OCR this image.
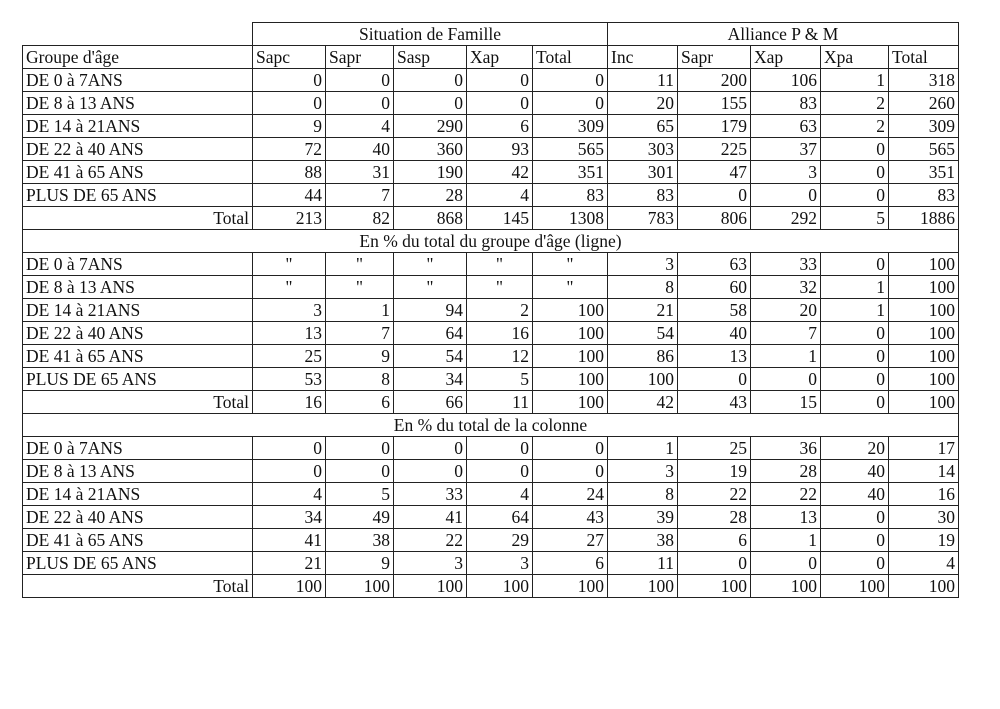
	Situation de Famille					Alliance P & M				
Groupe d'âge	Sapc	Sapr	Sasp	Xap	Total	Inc	Sapr	Xap	Xpa	Total
DE 0 à 7ANS	0	0	0	0	0	11	200	106	1	318
DE 8 à 13 ANS	0	0	0	0	0	20	155	83	2	260
DE 14 à 21ANS	9	4	290	6	309	65	179	63	2	309
DE 22 à 40 ANS	72	40	360	93	565	303	225	37	0	565
DE 41 à 65 ANS	88	31	190	42	351	301	47	3	0	351
PLUS DE 65 ANS	44	7	28	4	83	83	0	0	0	83
Total	213	82	868	145	1308	783	806	292	5	1886
En % du total du groupe d'âge (ligne)										
DE 0 à 7ANS	"	"	"	"	"	3	63	33	0	100
DE 8 à 13 ANS	"	"	"	"	"	8	60	32	1	100
DE 14 à 21ANS	3	1	94	2	100	21	58	20	1	100
DE 22 à 40 ANS	13	7	64	16	100	54	40	7	0	100
DE 41 à 65 ANS	25	9	54	12	100	86	13	1	0	100
PLUS DE 65 ANS	53	8	34	5	100	100	0	0	0	100
Total	16	6	66	11	100	42	43	15	0	100
En % du total de la colonne										
DE 0 à 7ANS	0	0	0	0	0	1	25	36	20	17
DE 8 à 13 ANS	0	0	0	0	0	3	19	28	40	14
DE 14 à 21ANS	4	5	33	4	24	8	22	22	40	16
DE 22 à 40 ANS	34	49	41	64	43	39	28	13	0	30
DE 41 à 65 ANS	41	38	22	29	27	38	6	1	0	19
PLUS DE 65 ANS	21	9	3	3	6	11	0	0	0	4
Total	100	100	100	100	100	100	100	100	100	100
